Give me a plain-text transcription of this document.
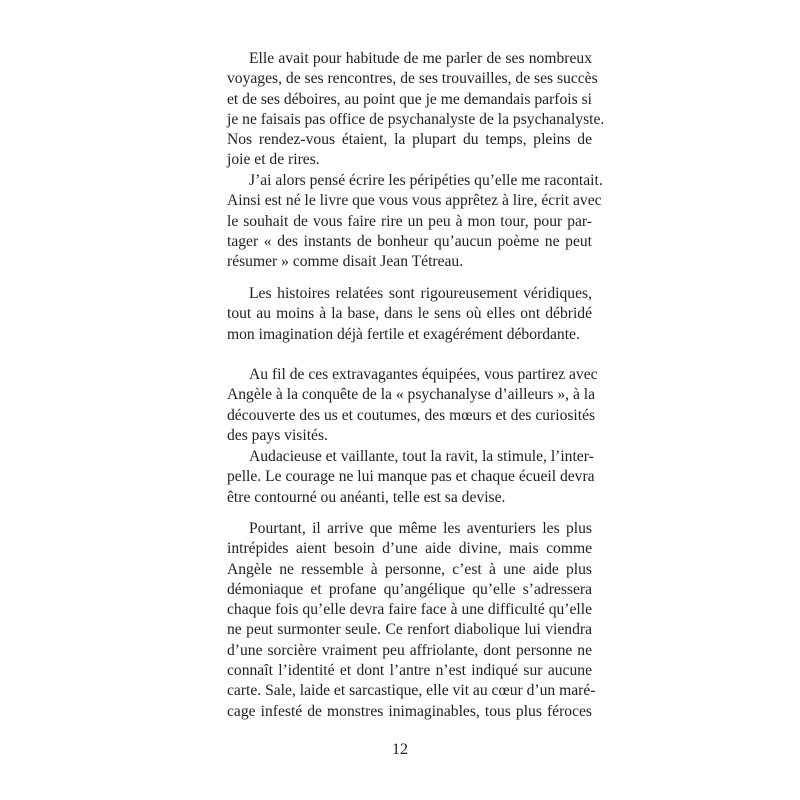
Elle avait pour habitude de me parler de ses nombreux
voyages, de ses rencontres, de ses trouvailles, de ses succès
et de ses déboires, au point que je me demandais parfois si
je ne faisais pas office de psychanalyste de la psychanalyste.
Nos rendez-vous étaient, la plupart du temps, pleins de
joie et de rires.
J’ai alors pensé écrire les péripéties qu’elle me racontait.
Ainsi est né le livre que vous vous apprêtez à lire, écrit avec
le souhait de vous faire rire un peu à mon tour, pour par-
tager « des instants de bonheur qu’aucun poème ne peut
résumer » comme disait Jean Tétreau.
Les histoires relatées sont rigoureusement véridiques,
tout au moins à la base, dans le sens où elles ont débridé
mon imagination déjà fertile et exagérément débordante.
Au fil de ces extravagantes équipées, vous partirez avec
Angèle à la conquête de la « psychanalyse d’ailleurs », à la
découverte des us et coutumes, des mœurs et des curiosités
des pays visités.
Audacieuse et vaillante, tout la ravit, la stimule, l’inter-
pelle. Le courage ne lui manque pas et chaque écueil devra
être contourné ou anéanti, telle est sa devise.
Pourtant, il arrive que même les aventuriers les plus
intrépides aient besoin d’une aide divine, mais comme
Angèle ne ressemble à personne, c’est à une aide plus
démoniaque et profane qu’angélique qu’elle s’adressera
chaque fois qu’elle devra faire face à une difficulté qu’elle
ne peut surmonter seule. Ce renfort diabolique lui viendra
d’une sorcière vraiment peu affriolante, dont personne ne
connaît l’identité et dont l’antre n’est indiqué sur aucune
carte. Sale, laide et sarcastique, elle vit au cœur d’un maré-
cage infesté de monstres inimaginables, tous plus féroces
12
